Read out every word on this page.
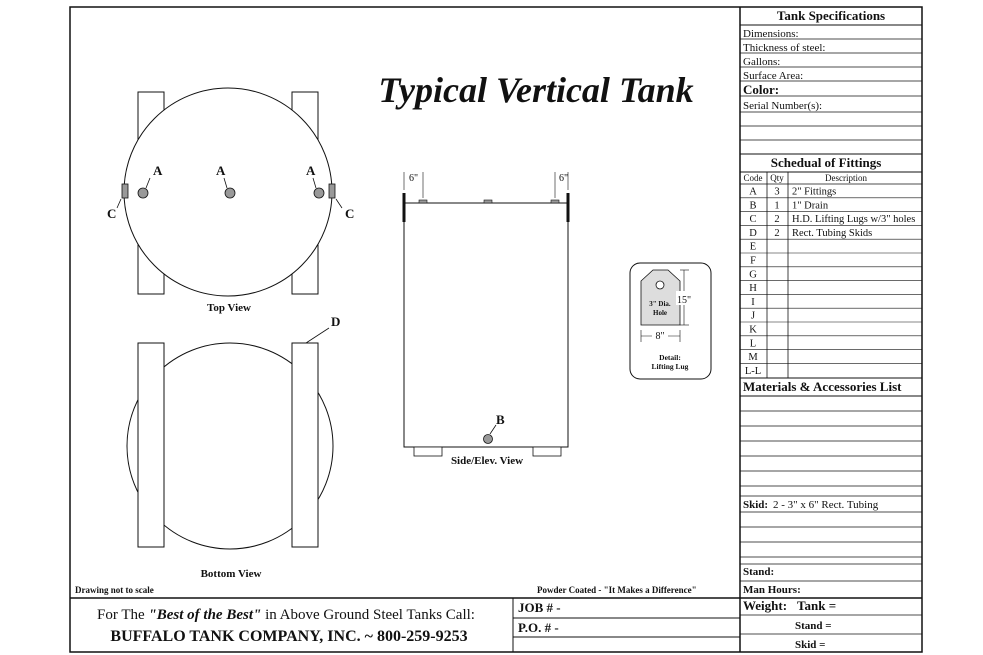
Typical Vertical Tank
A	A	A
C	C
Top View
D
Bottom View
6"	6"
B
Side/Elev. View
15"
8"
3" Dia.
Hole
Detail:
Lifting Lug
Drawing not to scale	Powder Coated - "It Makes a Difference"
For The "Best of the Best" in Above Ground Steel Tanks Call:
BUFFALO TANK COMPANY, INC. ~ 800-259-9253
JOB # -
P.O. # -
Tank Specifications
Dimensions:
Thickness of steel:
Gallons:
Surface Area:
Color:
Serial Number(s):
Schedual of Fittings
Code Qty	Description
A 3 2" Fittings
B 1 1" Drain
C 2 H.D. Lifting Lugs w/3" holes
D 2 Rect. Tubing Skids
E
F
G
H
I
J
K
L
M
L-L
Materials & Accessories List
Skid: 2 - 3" x 6" Rect. Tubing
Stand:
Man Hours:
Weight: Tank =
Stand =
Skid =
